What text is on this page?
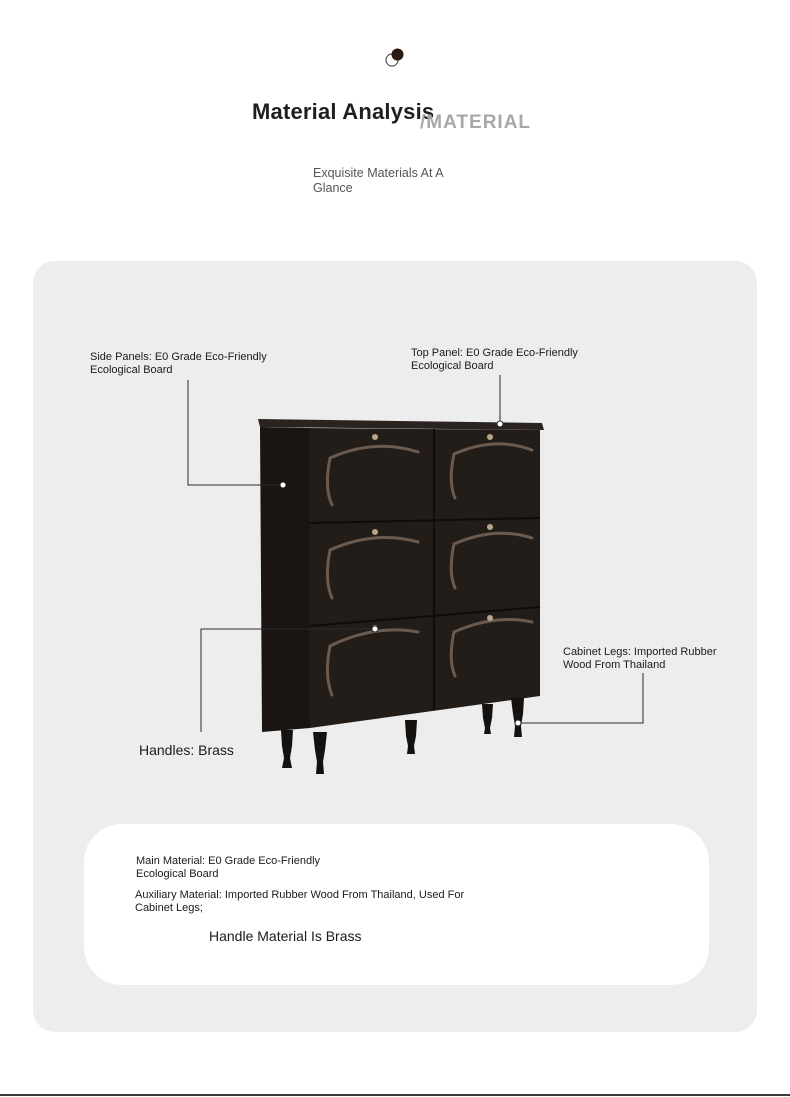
Material Analysis
/MATERIAL
Exquisite Materials At A Glance
Side Panels: E0 Grade Eco-Friendly Ecological Board
Top Panel: E0 Grade Eco-Friendly Ecological Board
Cabinet Legs: Imported Rubber Wood From Thailand
Handles: Brass
Main Material: E0 Grade Eco-Friendly Ecological Board
Auxiliary Material: Imported Rubber Wood From Thailand, Used For Cabinet Legs;
Handle Material Is Brass
